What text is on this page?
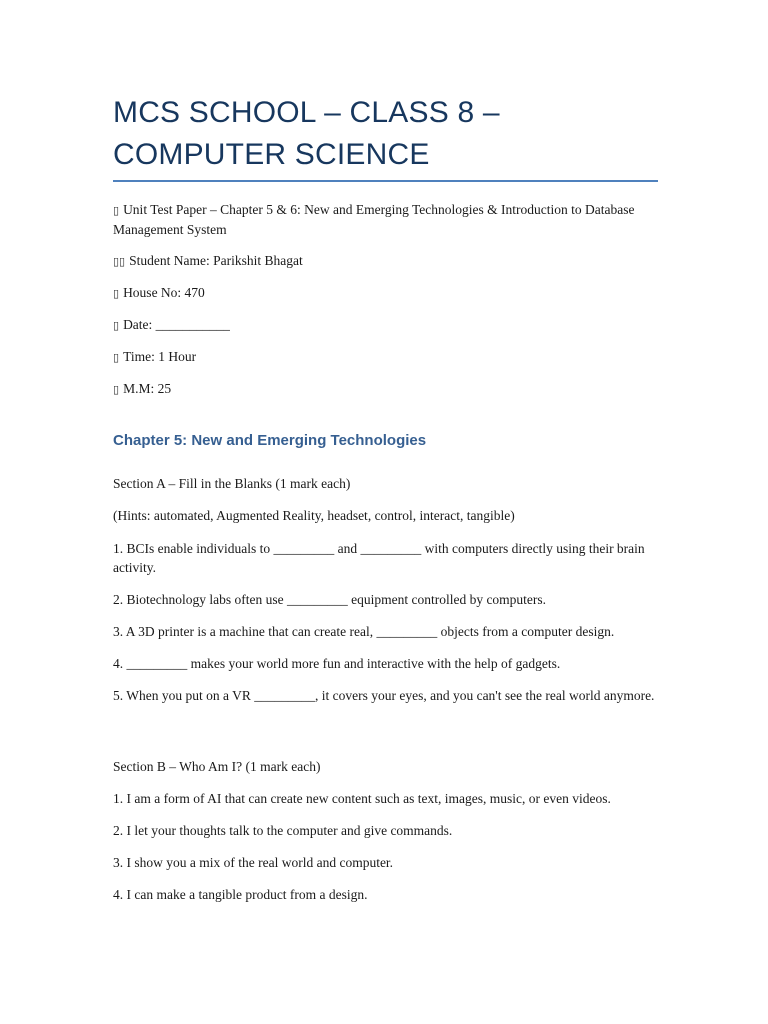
MCS SCHOOL – CLASS 8 – COMPUTER SCIENCE
▯ Unit Test Paper – Chapter 5 & 6: New and Emerging Technologies & Introduction to Database Management System
▯▯ Student Name: Parikshit Bhagat
▯ House No: 470
▯ Date: ___________
▯ Time: 1 Hour
▯ M.M: 25
Chapter 5: New and Emerging Technologies
Section A – Fill in the Blanks (1 mark each)
(Hints: automated, Augmented Reality, headset, control, interact, tangible)
1. BCIs enable individuals to _________ and _________ with computers directly using their brain activity.
2. Biotechnology labs often use _________ equipment controlled by computers.
3. A 3D printer is a machine that can create real, _________ objects from a computer design.
4. _________ makes your world more fun and interactive with the help of gadgets.
5. When you put on a VR _________, it covers your eyes, and you can't see the real world anymore.
Section B – Who Am I? (1 mark each)
1. I am a form of AI that can create new content such as text, images, music, or even videos.
2. I let your thoughts talk to the computer and give commands.
3. I show you a mix of the real world and computer.
4. I can make a tangible product from a design.
